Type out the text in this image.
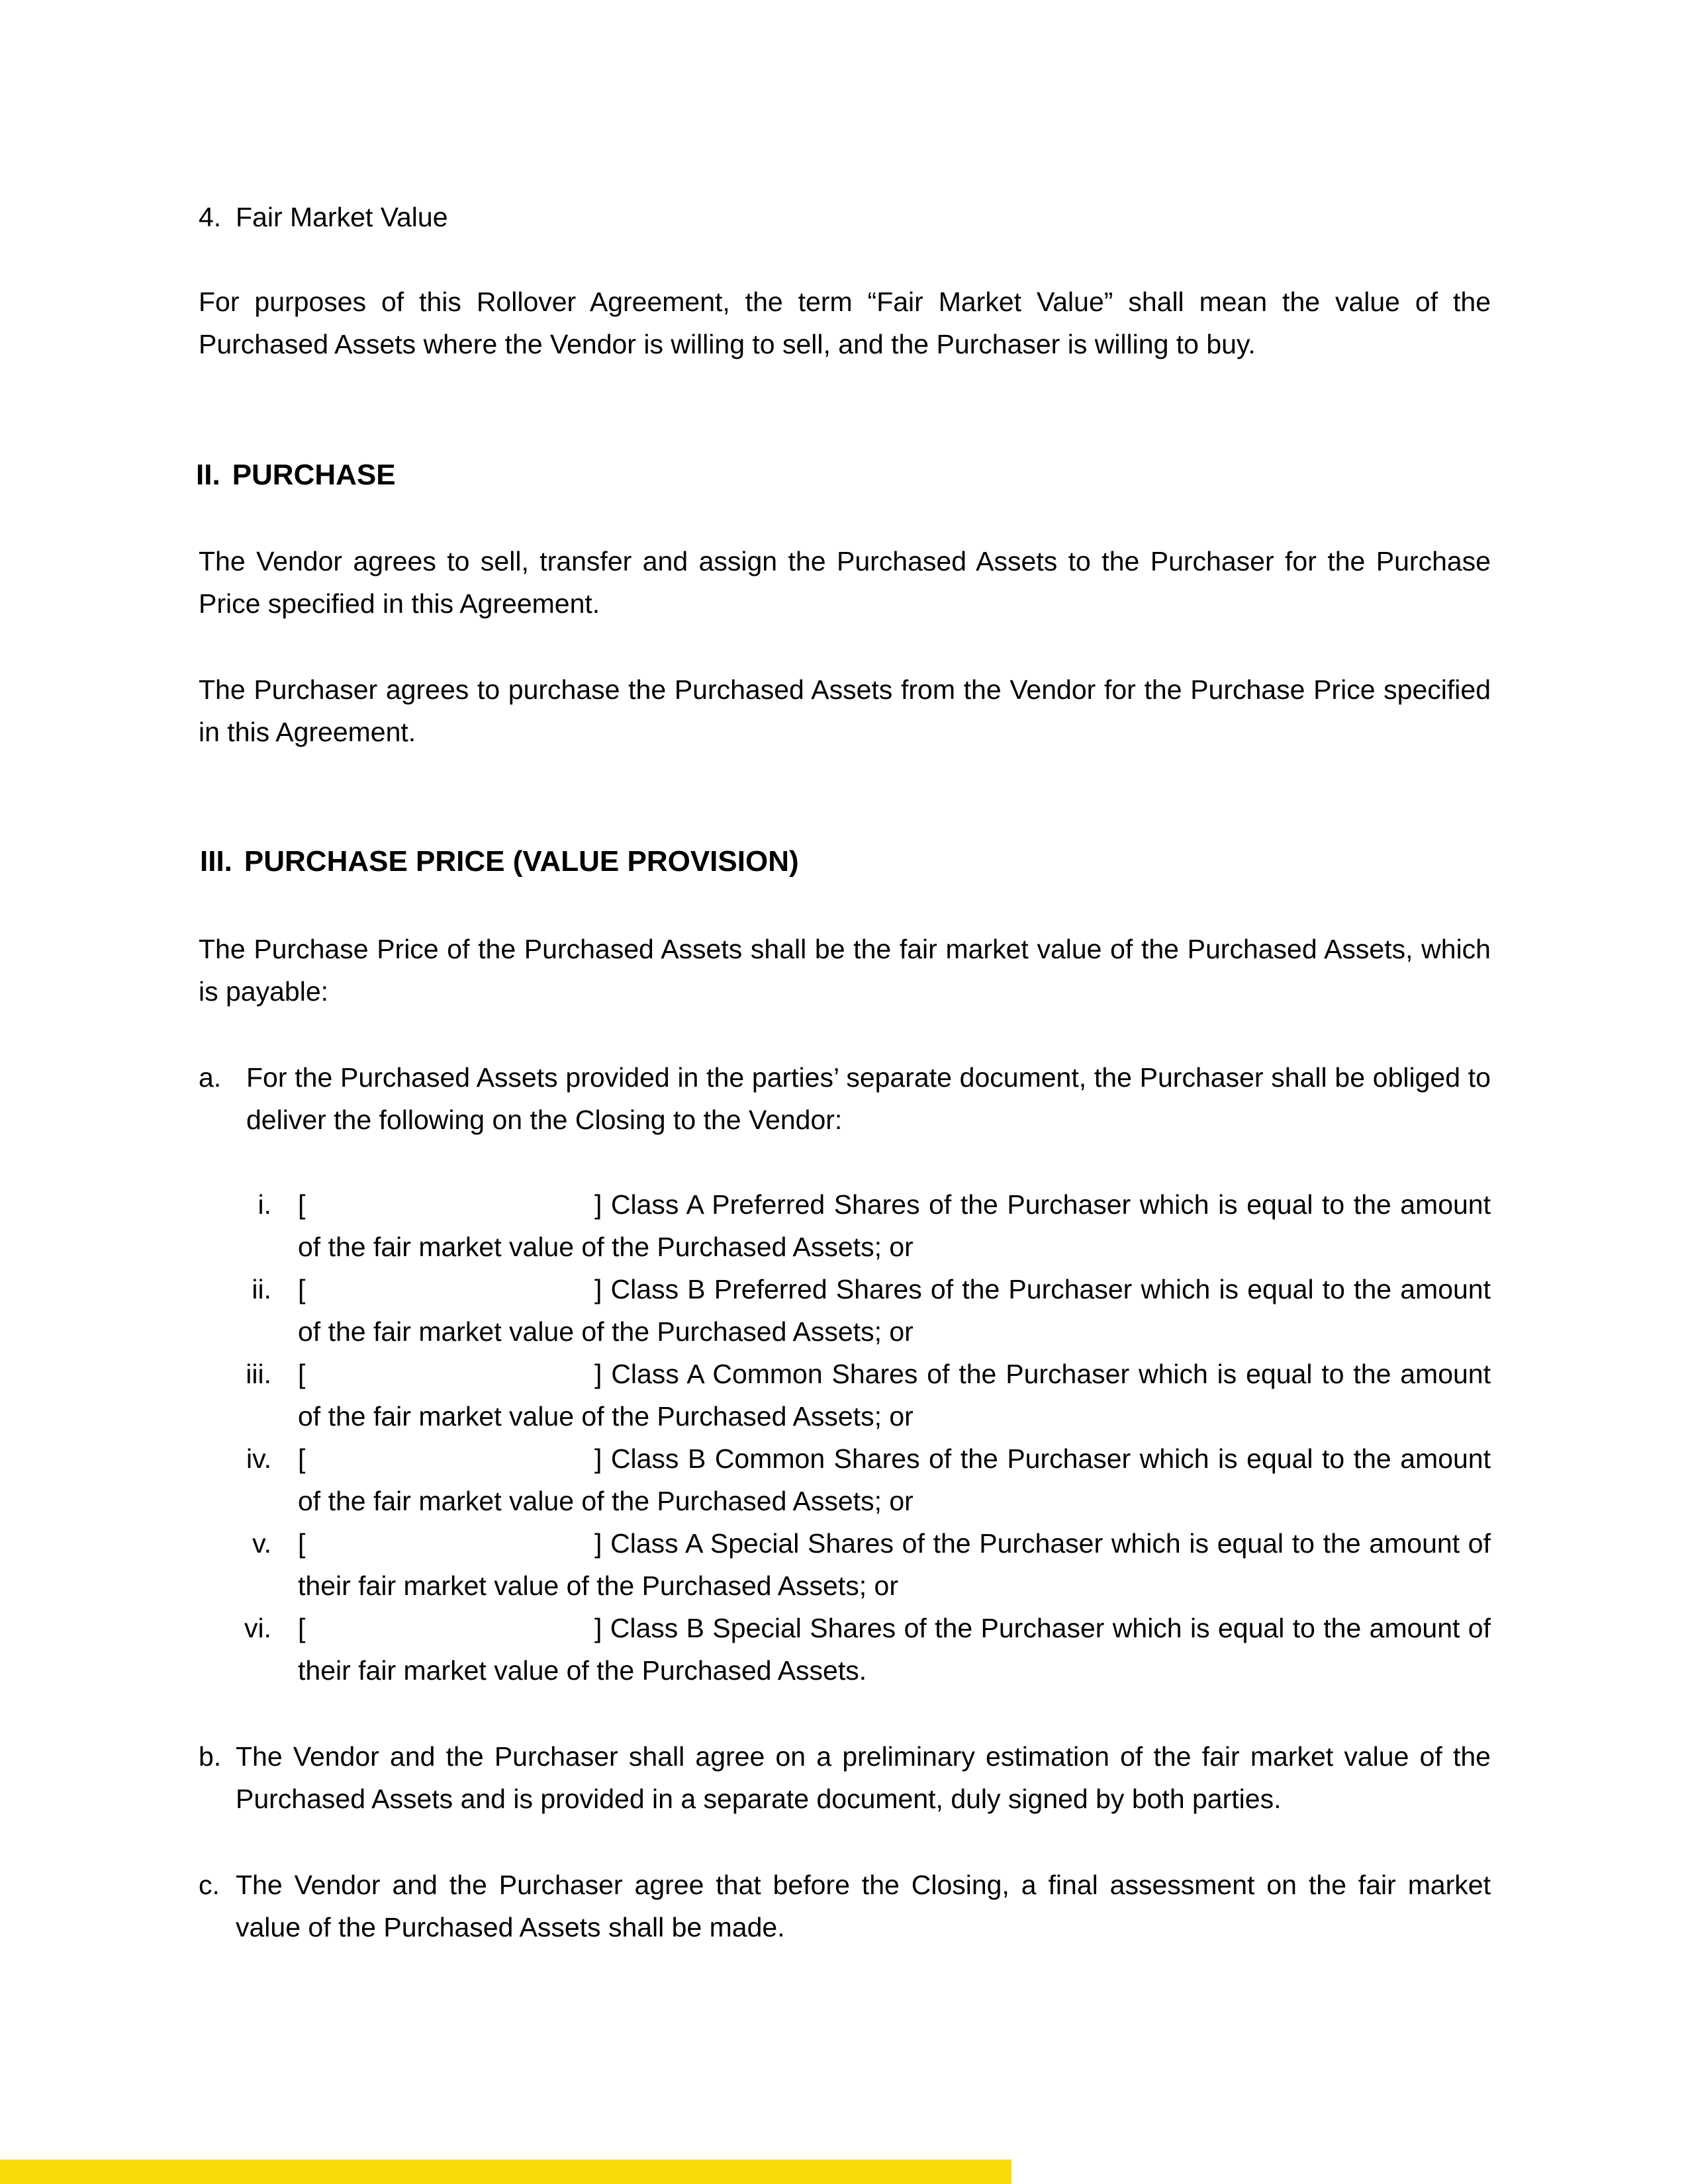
4. Fair Market Value
For purposes of this Rollover Agreement, the term “Fair Market Value” shall mean the value of the Purchased Assets where the Vendor is willing to sell, and the Purchaser is willing to buy.
II. PURCHASE
The Vendor agrees to sell, transfer and assign the Purchased Assets to the Purchaser for the Purchase Price specified in this Agreement.
The Purchaser agrees to purchase the Purchased Assets from the Vendor for the Purchase Price specified in this Agreement.
III. PURCHASE PRICE (VALUE PROVISION)
The Purchase Price of the Purchased Assets shall be the fair market value of the Purchased Assets, which is payable:
a. For the Purchased Assets provided in the parties’ separate document, the Purchaser shall be obliged to deliver the following on the Closing to the Vendor:
i. [	] Class A Preferred Shares of the Purchaser which is equal to the amount
of the fair market value of the Purchased Assets; or
ii. [	] Class B Preferred Shares of the Purchaser which is equal to the amount
of the fair market value of the Purchased Assets; or
iii. [	] Class A Common Shares of the Purchaser which is equal to the amount
of the fair market value of the Purchased Assets; or
iv. [	] Class B Common Shares of the Purchaser which is equal to the amount
of the fair market value of the Purchased Assets; or
v. [	] Class A Special Shares of the Purchaser which is equal to the amount of
their fair market value of the Purchased Assets; or
vi. [	] Class B Special Shares of the Purchaser which is equal to the amount of
their fair market value of the Purchased Assets.
b. The Vendor and the Purchaser shall agree on a preliminary estimation of the fair market value of the Purchased Assets and is provided in a separate document, duly signed by both parties.
c. The Vendor and the Purchaser agree that before the Closing, a final assessment on the fair market value of the Purchased Assets shall be made.
